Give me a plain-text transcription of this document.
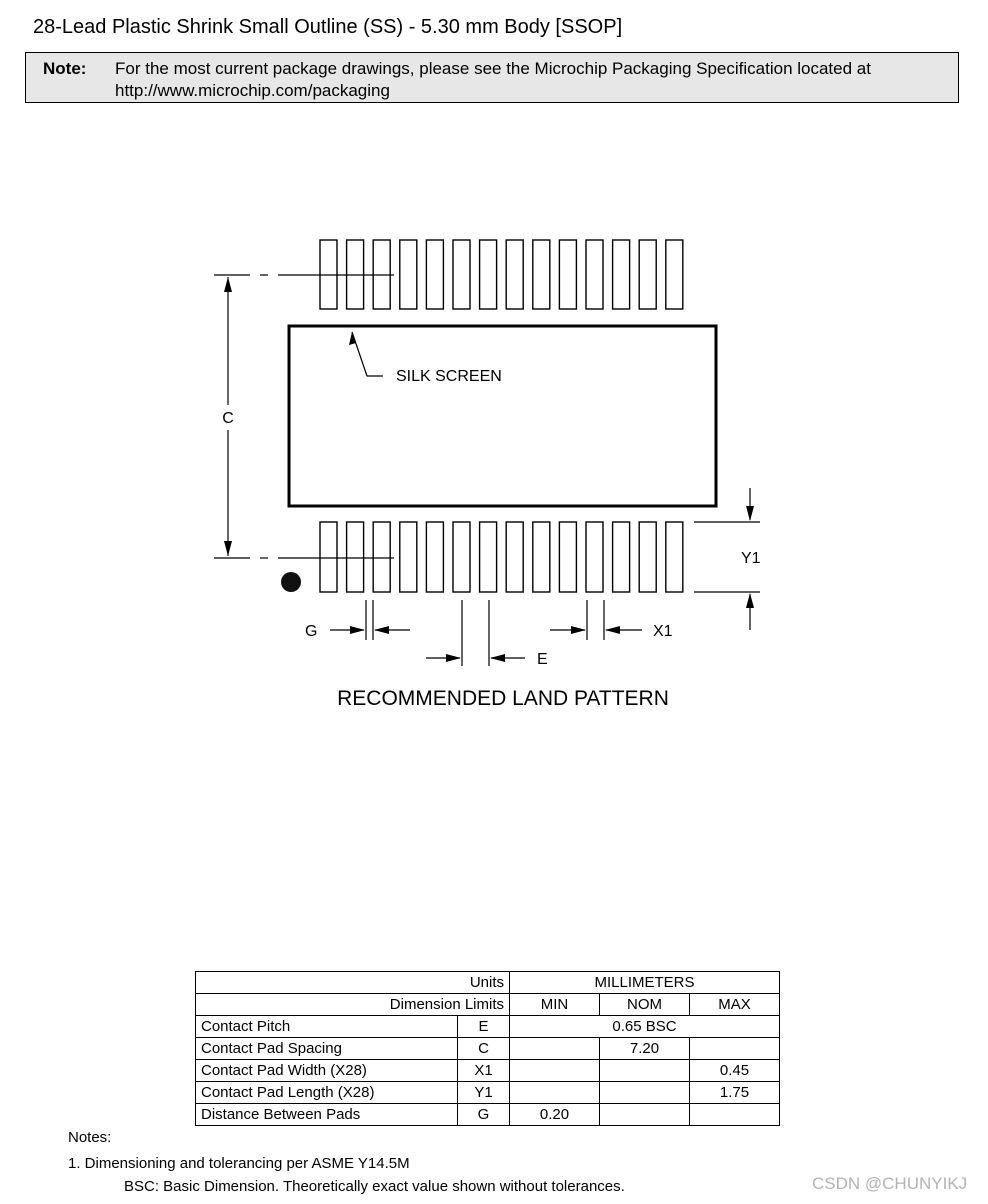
28-Lead Plastic Shrink Small Outline (SS) - 5.30 mm Body [SSOP]
Note: For the most current package drawings, please see the Microchip Packaging Specification located at
http://www.microchip.com/packaging
SILK SCREEN
C
Y1
G
E
X1
RECOMMENDED LAND PATTERN
Units		MILLIMETERS		
Dimension Limits		MIN	NOM	MAX
Contact Pitch	E	0.65 BSC		
Contact Pad Spacing	C		7.20	
Contact Pad Width (X28)	X1			0.45
Contact Pad Length (X28)	Y1			1.75
Distance Between Pads	G	0.20		
Notes:
1. Dimensioning and tolerancing per ASME Y14.5M
BSC: Basic Dimension. Theoretically exact value shown without tolerances.	CSDN @CHUNYIKJ
